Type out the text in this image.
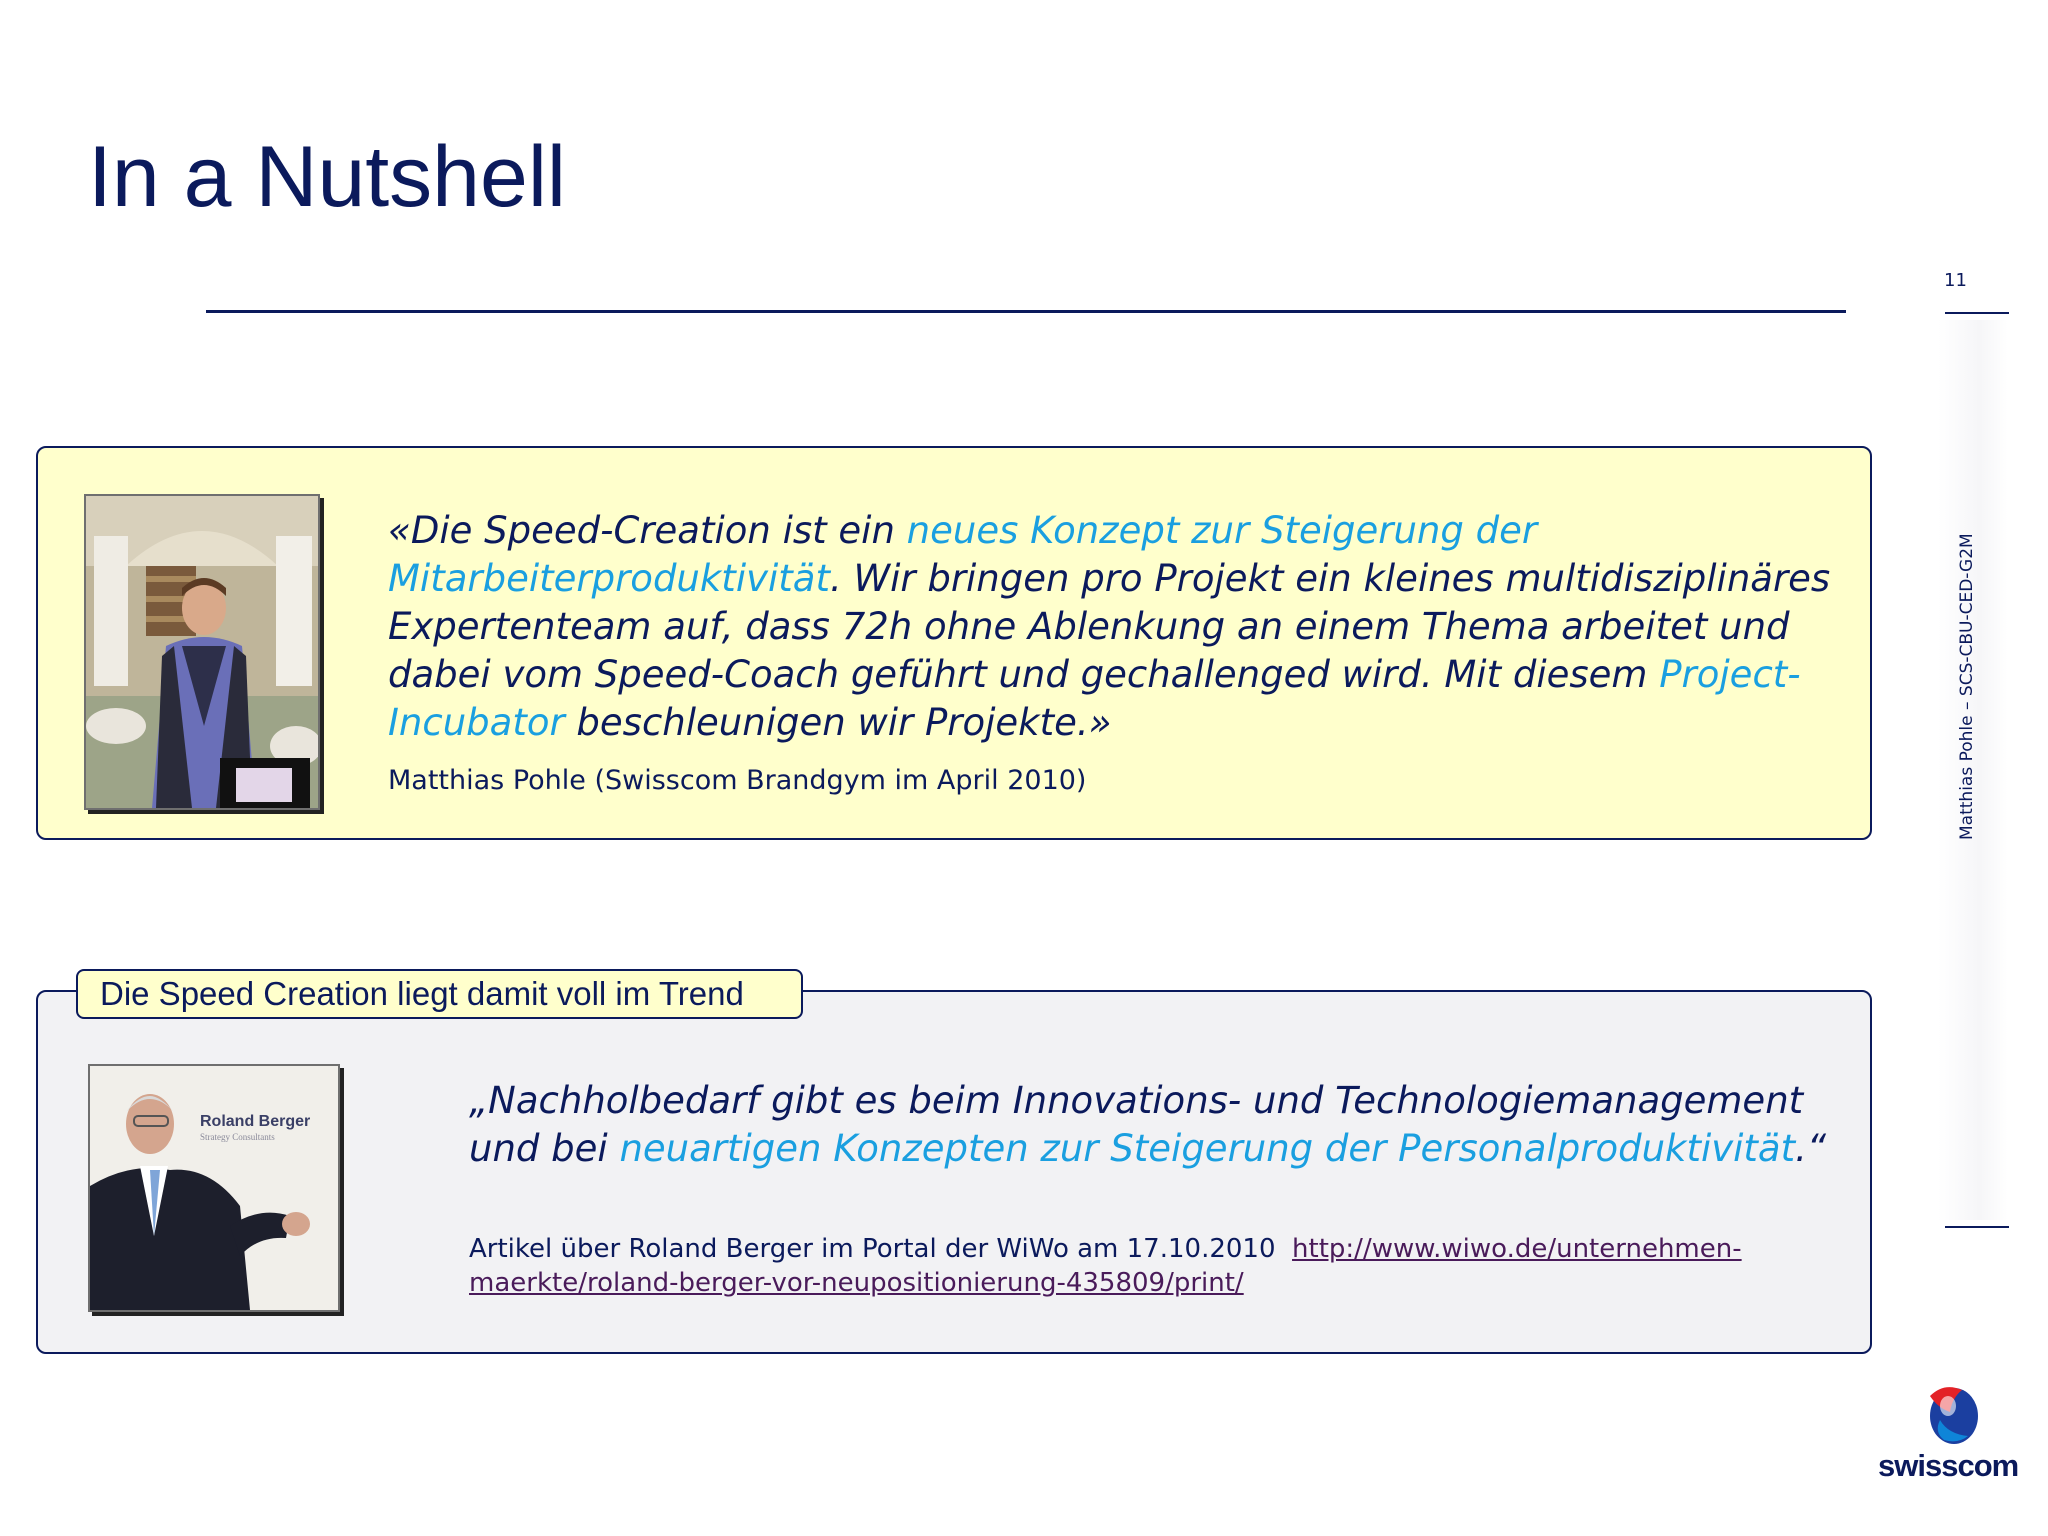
In a Nutshell
11
Matthias Pohle – SCS-CBU-CED-G2M

«Die Speed-Creation ist ein neues Konzept zur Steigerung der Mitarbeiterproduktivität. Wir bringen pro Projekt ein kleines multidisziplinäres Expertenteam auf, dass 72h ohne Ablenkung an einem Thema arbeitet und dabei vom Speed-Coach geführt und gechallenged wird. Mit diesem Project-Incubator beschleunigen wir Projekte.»

Matthias Pohle (Swisscom Brandgym im April 2010)
Die Speed Creation liegt damit voll im Trend
Roland Berger
Strategy Consultants

„Nachholbedarf gibt es beim Innovations- und Technologiemanagement und bei neuartigen Konzepten zur Steigerung der Personalproduktivität.“

Artikel über Roland Berger im Portal der WiWo am 17.10.2010 http://www.wiwo.de/unternehmen-maerkte/roland-berger-vor-neupositionierung-435809/print/
swisscom
